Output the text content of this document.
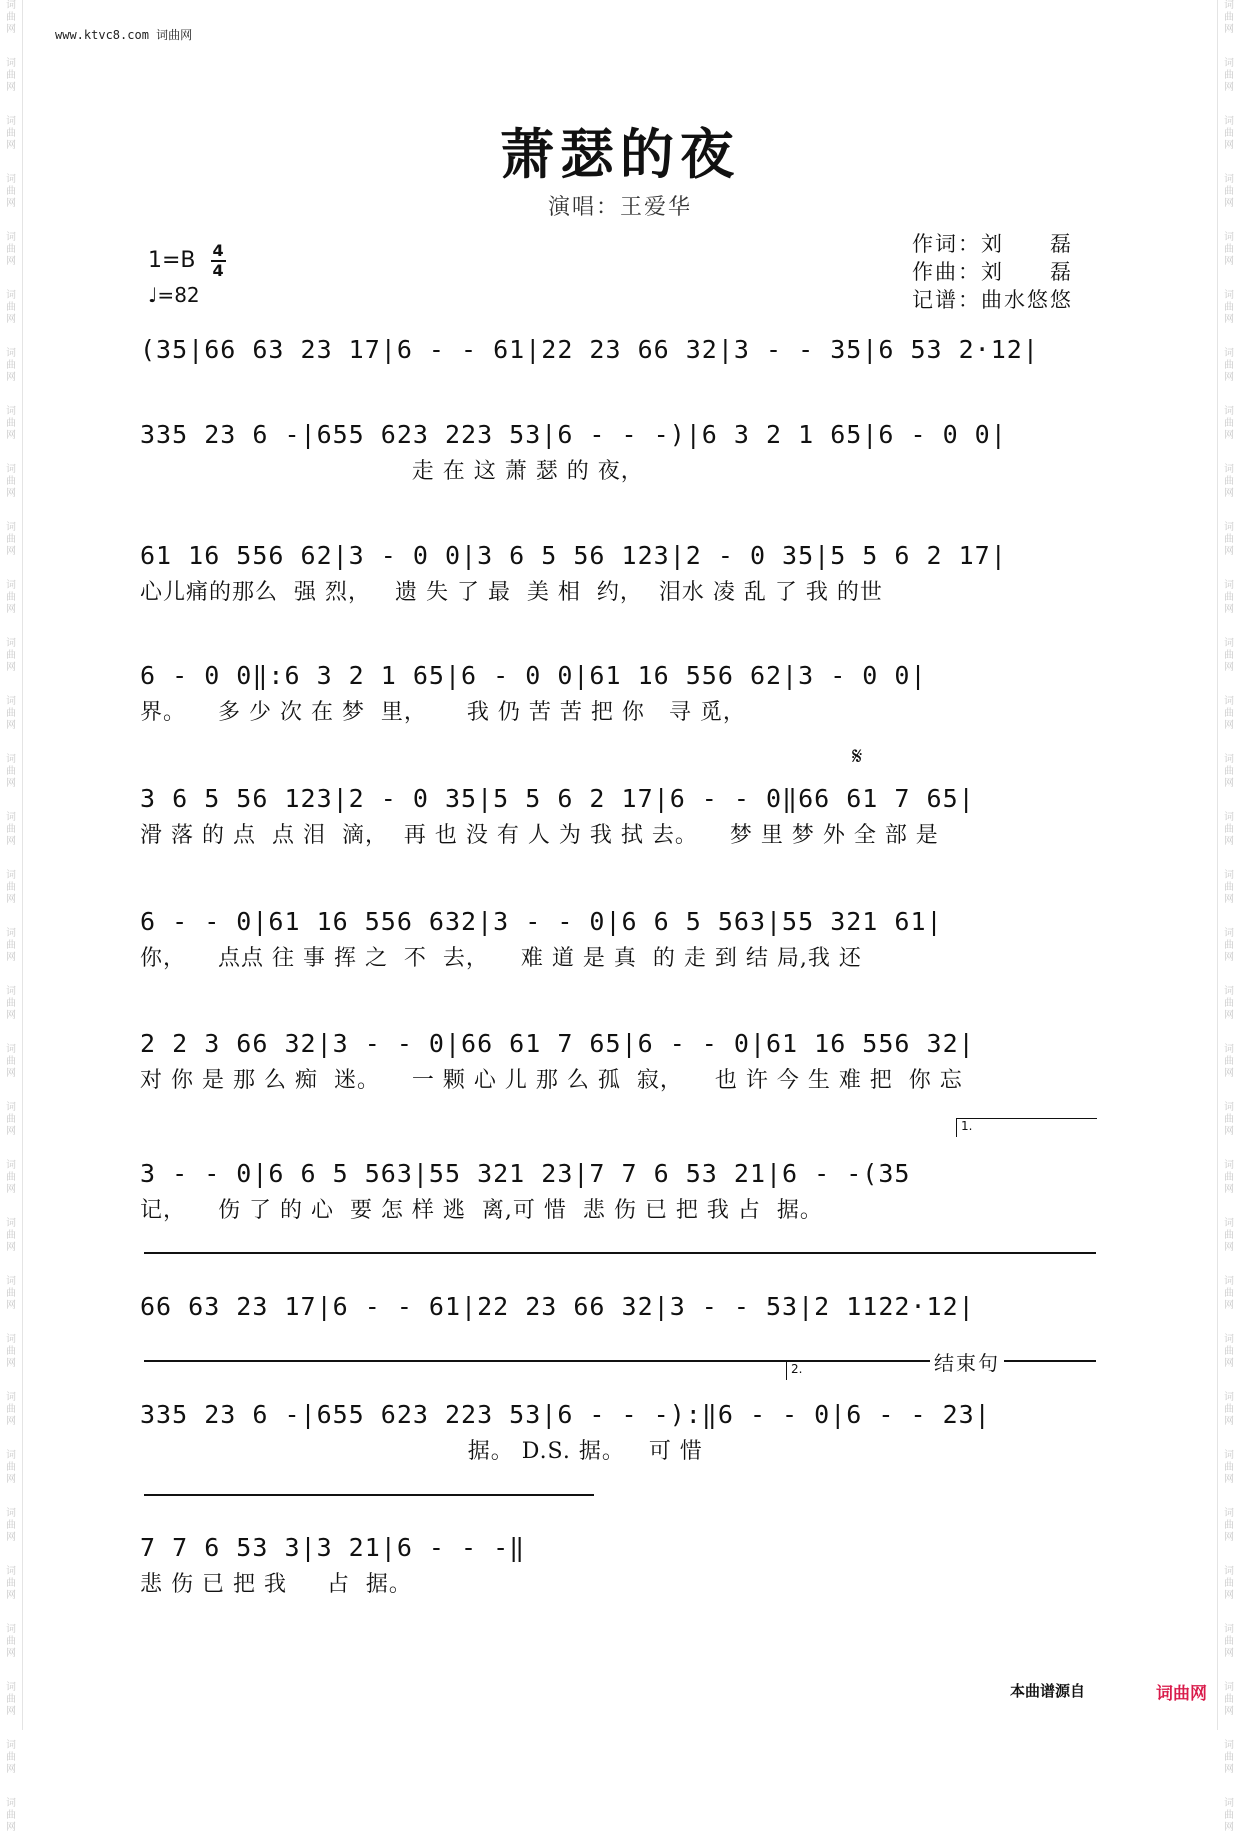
词
曲
网
词
曲
网
词
曲
网
词
曲
网
词
曲
网
词
曲
网
词
曲
网
词
曲
网
词
曲
网
词
曲
网
词
曲
网
词
曲
网
词
曲
网
词
曲
网
词
曲
网
词
曲
网
词
曲
网
词
曲
网
词
曲
网
词
曲
网
词
曲
网
词
曲
网
词
曲
网
词
曲
网
词
曲
网
词
曲
网
词
曲
网
词
曲
网
词
曲
网
词
曲
网
词
曲
网
词
曲
网
词
曲
网
词
曲
网
词
曲
网
词
曲
网
词
曲
网
词
曲
网
词
曲
网
词
曲
网
词
曲
网
词
曲
网
词
曲
网
词
曲
网
词
曲
网
词
曲
网
词
曲
网
词
曲
网
词
曲
网
词
曲
网
词
曲
网
词
曲
网
词
曲
网
词
曲
网
词
曲
网
词
曲
网
词
曲
网
词
曲
网
词
曲
网
词
曲
网
词
曲
网
词
曲
网
词
曲
网
词
曲
网
www.ktvc8.com 词曲网
萧瑟的夜
演唱：王爱华
$1=B \frac{4}{4}$
♩=82
作词：刘　　磊
作曲：刘　　磊
记谱：曲水悠悠
(35|66 63 23 17|6 - - 61|22 23 66 32|3 - - 35|6 53 2·12|
335 23 6 -|655 623 223 53|6 - - -)|6 3 2 1 65|6 - 0 0|
走 在 这 萧 瑟 的 夜，
61 16 556 62|3 - 0 0|3 6 5 56 123|2 - 0 35|5 5 6 2 17|
心儿痛的那么  强 烈，   遗 失 了 最  美 相  约，  泪水 凌 乱 了 我 的世
6 - 0 0‖:6 3 2 1 65|6 - 0 0|61 16 556 62|3 - 0 0|
界。    多 少 次 在 梦  里，     我 仍 苦 苦 把 你   寻 觅，
𝄋
3 6 5 56 123|2 - 0 35|5 5 6 2 17|6 - - 0‖66 61 7 65|
滑 落 的 点  点 泪  滴，  再 也 没 有 人 为 我 拭 去。    梦 里 梦 外 全 部 是
6 - - 0|61 16 556 632|3 - - 0|6 6 5 563|55 321 61|
你，    点点 往 事 挥 之  不  去，    难 道 是 真  的 走 到 结 局,我 还
2 2 3 66 32|3 - - 0|66 61 7 65|6 - - 0|61 16 556 32|
对 你 是 那 么 痴  迷。    一 颗 心 儿 那 么 孤  寂，    也 许 今 生 难 把  你 忘
1.
3 - - 0|6 6 5 563|55 321 23|7 7 6 53 21|6 - -(35
记，    伤 了 的 心  要 怎 样 逃  离,可 惜  悲 伤 已 把 我 占  据。
66 63 23 17|6 - - 61|22 23 66 32|3 - - 53|2 1122·12|
结束句
2.
335 23 6 -|655 623 223 53|6 - - -):‖6 - - 0|6 - - 23|
据。 D.S. 据。   可 惜
7 7 6 53 3|3 21|6 - - -‖
悲 伤 已 把 我     占  据。
本曲谱源自	词曲网
